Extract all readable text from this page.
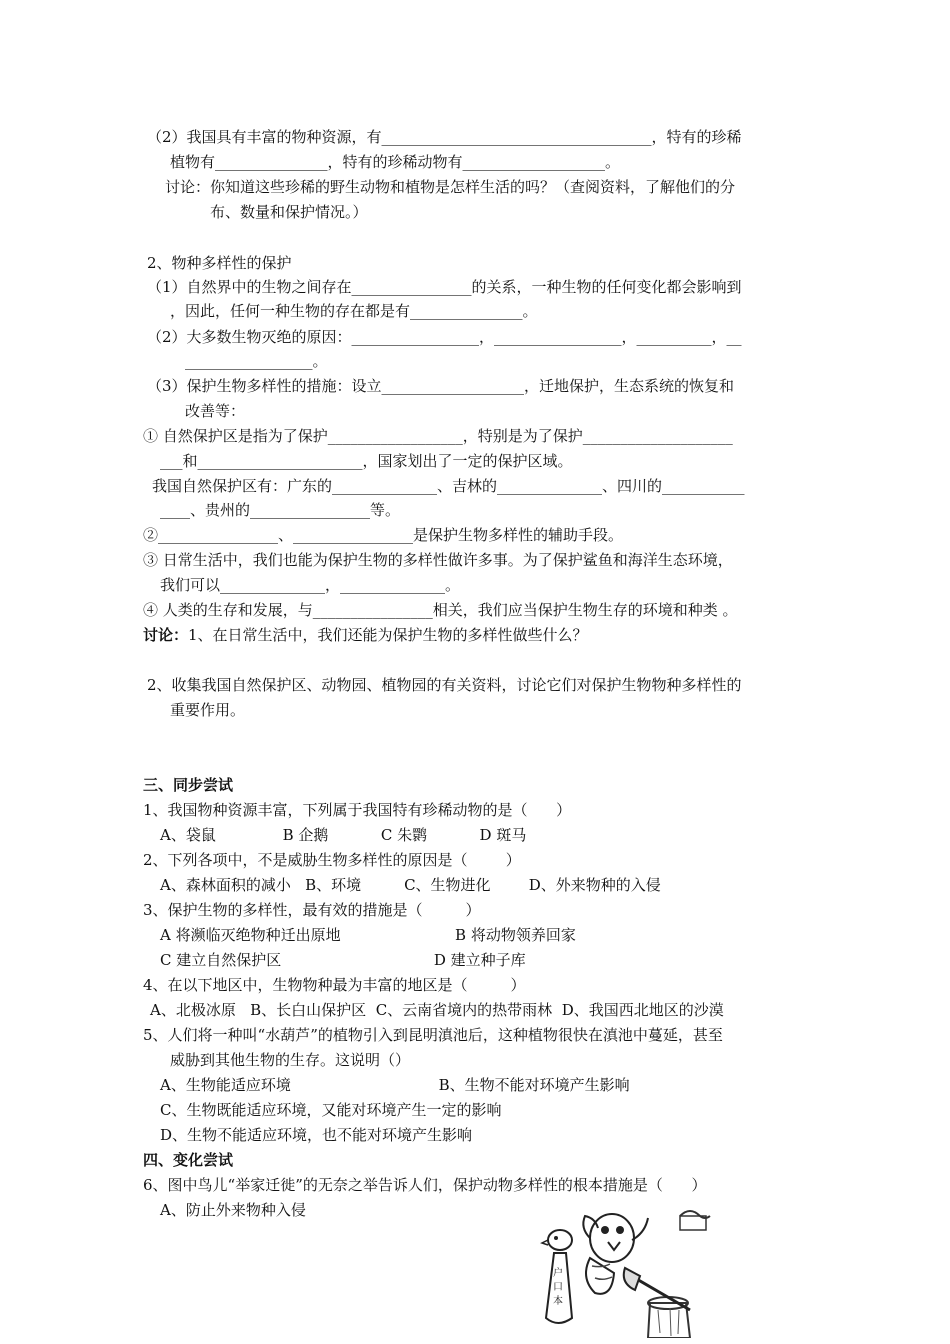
（2）我国具有丰富的物种资源，有____________________________________，特有的珍稀
植物有_______________，特有的珍稀动物有___________________。
讨论：你知道这些珍稀的野生动物和植物是怎样生活的吗？（查阅资料，了解他们的分
布、数量和保护情况。）
2、物种多样性的保护
（1）自然界中的生物之间存在________________的关系，一种生物的任何变化都会影响到
，因此，任何一种生物的存在都是有_______________。
（2）大多数生物灭绝的原因：_________________，_________________，__________，__
_________________。
（3）保护生物多样性的措施：设立___________________，迁地保护，生态系统的恢复和
改善等：
① 自然保护区是指为了保护__________________，特别是为了保护____________________
___和______________________，国家划出了一定的保护区域。
我国自然保护区有：广东的______________、吉林的______________、四川的___________
____、贵州的________________等。
②________________、________________是保护生物多样性的辅助手段。
③ 日常生活中，我们也能为保护生物的多样性做许多事。为了保护鲨鱼和海洋生态环境，
我们可以______________，______________。
④ 人类的生存和发展，与________________相关，我们应当保护生物生存的环境和种类 。
讨论：1、在日常生活中，我们还能为保护生物的多样性做些什么？
2、收集我国自然保护区、动物园、植物园的有关资料，讨论它们对保护生物物种多样性的
重要作用。
三、同步尝试
1、我国物种资源丰富，下列属于我国特有珍稀动物的是（      ）
A、袋鼠              B 企鹅           C 朱鹮           D 斑马
2、下列各项中，不是威胁生物多样性的原因是（        ）
A、森林面积的减小   B、环境         C、生物进化        D、外来物种的入侵
3、保护生物的多样性，最有效的措施是（         ）
A 将濒临灭绝物种迁出原地                        B 将动物领养回家
C 建立自然保护区                                D 建立种子库
4、在以下地区中，生物物种最为丰富的地区是（         ）
A、北极冰原   B、长白山保护区  C、云南省境内的热带雨林  D、我国西北地区的沙漠
5、人们将一种叫“水葫芦”的植物引入到昆明滇池后，这种植物很快在滇池中蔓延，甚至
威胁到其他生物的生存。这说明（）
A、生物能适应环境                               B、生物不能对环境产生影响
C、生物既能适应环境，又能对环境产生一定的影响
D、生物不能适应环境，也不能对环境产生影响
四、变化尝试
6、图中鸟儿“举家迁徙”的无奈之举告诉人们，保护动物多样性的根本措施是（      ）
A、防止外来物种入侵
户
口
本
